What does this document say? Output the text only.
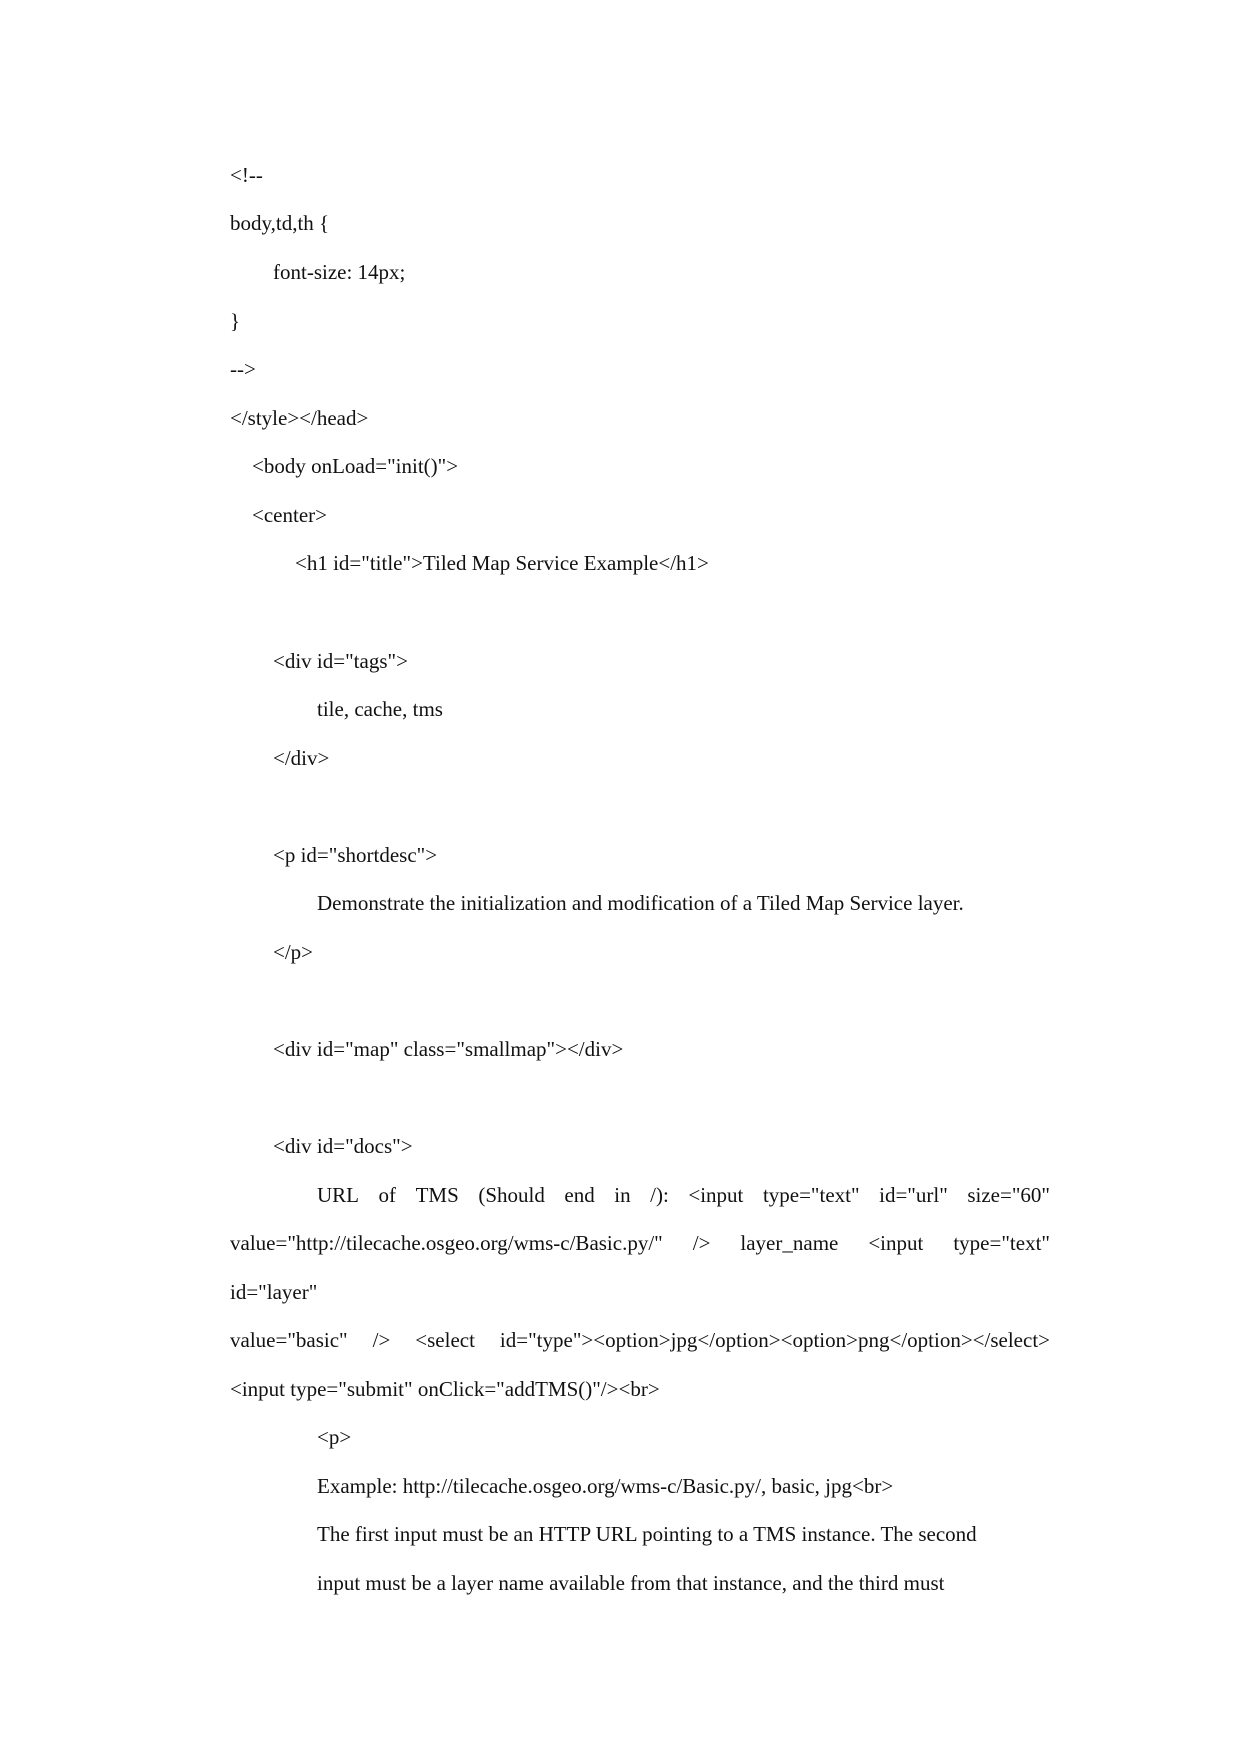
<!--
body,td,th {
font-size: 14px;
}
-->
</style></head>
<body onLoad="init()">
<center>
<h1 id="title">Tiled Map Service Example</h1>
<div id="tags">
tile, cache, tms
</div>
<p id="shortdesc">
Demonstrate the initialization and modification of a Tiled Map Service layer.
</p>
<div id="map" class="smallmap"></div>
<div id="docs">
URL of TMS (Should end in /): <input type="text" id="url" size="60"
value="http://tilecache.osgeo.org/wms-c/Basic.py/" /> layer_name <input type="text"
id="layer"
value="basic" /> <select id="type"><option>jpg</option><option>png</option></select>
<input type="submit" onClick="addTMS()"/><br>
<p>
Example: http://tilecache.osgeo.org/wms-c/Basic.py/, basic, jpg<br>
The first input must be an HTTP URL pointing to a TMS instance. The second
input must be a layer name available from that instance, and the third must
